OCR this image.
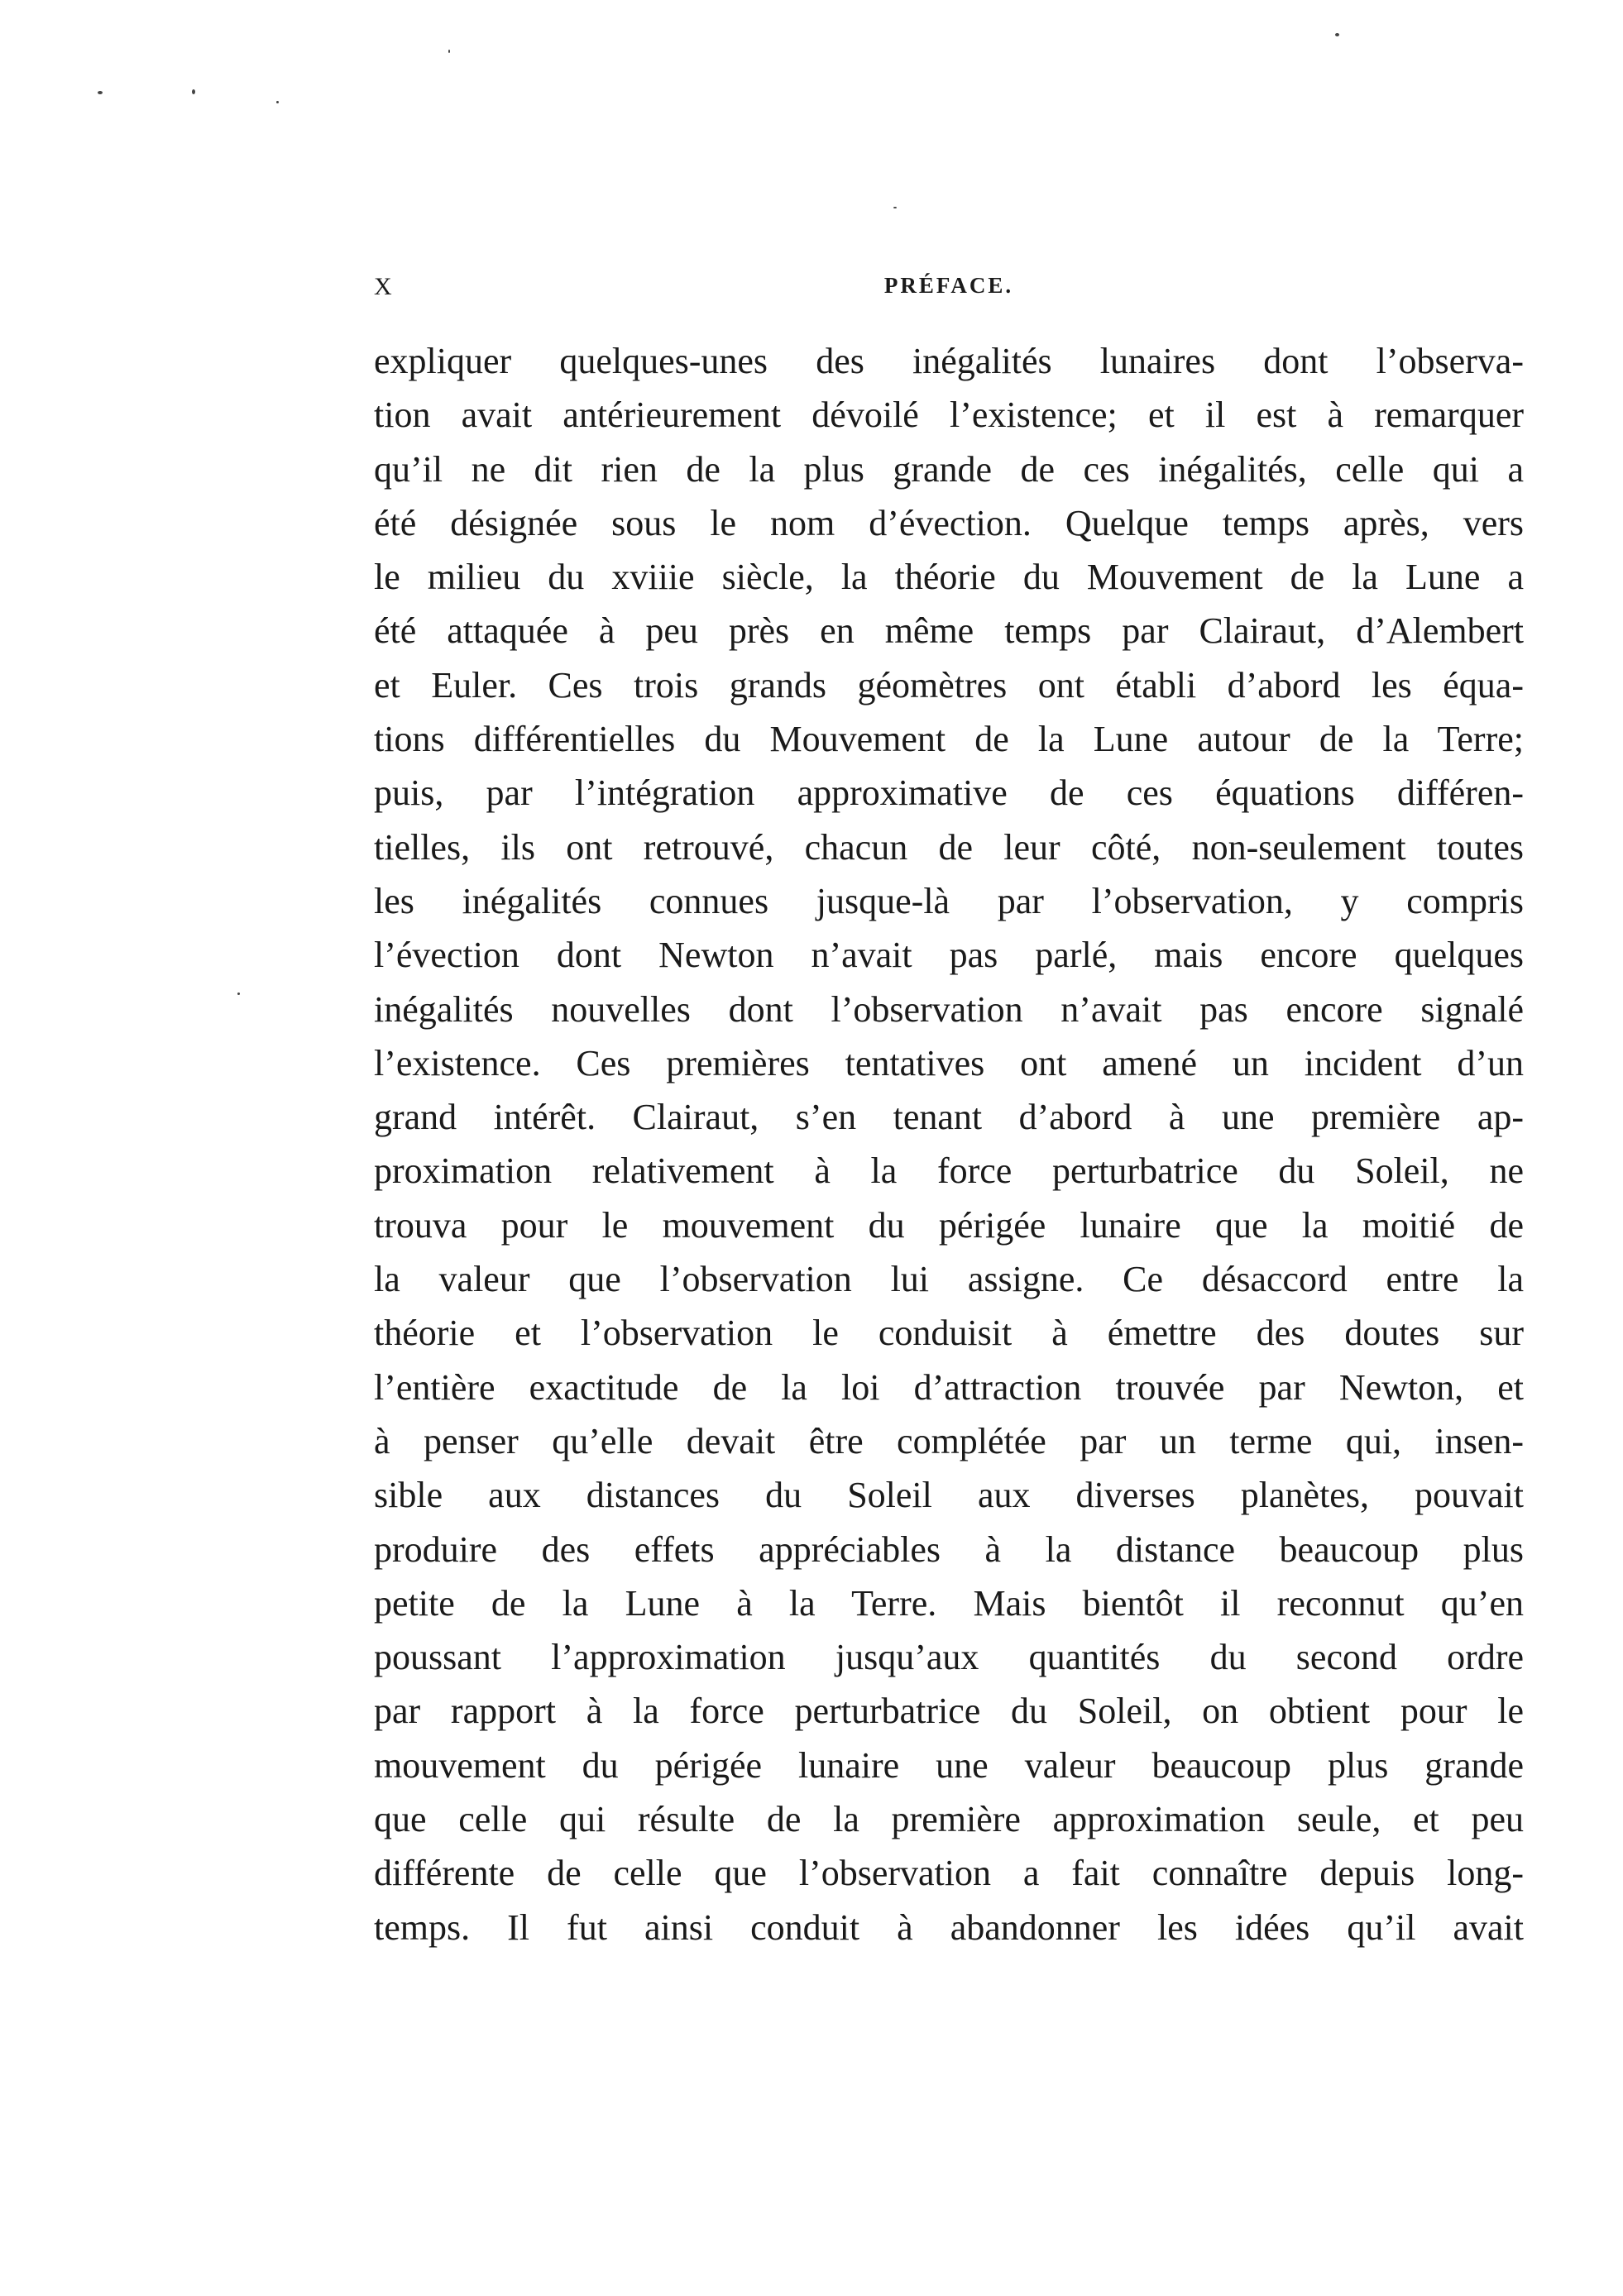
X	PRÉFACE.
expliquer quelques-unes des inégalités lunaires dont l’observa-
tion avait antérieurement dévoilé l’existence; et il est à remarquer
qu’il ne dit rien de la plus grande de ces inégalités, celle qui a
été désignée sous le nom d’évection. Quelque temps après, vers
le milieu du xviiie siècle, la théorie du Mouvement de la Lune a
été attaquée à peu près en même temps par Clairaut, d’Alembert
et Euler. Ces trois grands géomètres ont établi d’abord les équa-
tions différentielles du Mouvement de la Lune autour de la Terre;
puis, par l’intégration approximative de ces équations différen-
tielles, ils ont retrouvé, chacun de leur côté, non-seulement toutes
les inégalités connues jusque-là par l’observation, y compris
l’évection dont Newton n’avait pas parlé, mais encore quelques
inégalités nouvelles dont l’observation n’avait pas encore signalé
l’existence. Ces premières tentatives ont amené un incident d’un
grand intérêt. Clairaut, s’en tenant d’abord à une première ap-
proximation relativement à la force perturbatrice du Soleil, ne
trouva pour le mouvement du périgée lunaire que la moitié de
la valeur que l’observation lui assigne. Ce désaccord entre la
théorie et l’observation le conduisit à émettre des doutes sur
l’entière exactitude de la loi d’attraction trouvée par Newton, et
à penser qu’elle devait être complétée par un terme qui, insen-
sible aux distances du Soleil aux diverses planètes, pouvait
produire des effets appréciables à la distance beaucoup plus
petite de la Lune à la Terre. Mais bientôt il reconnut qu’en
poussant l’approximation jusqu’aux quantités du second ordre
par rapport à la force perturbatrice du Soleil, on obtient pour le
mouvement du périgée lunaire une valeur beaucoup plus grande
que celle qui résulte de la première approximation seule, et peu
différente de celle que l’observation a fait connaître depuis long-
temps. Il fut ainsi conduit à abandonner les idées qu’il avait
